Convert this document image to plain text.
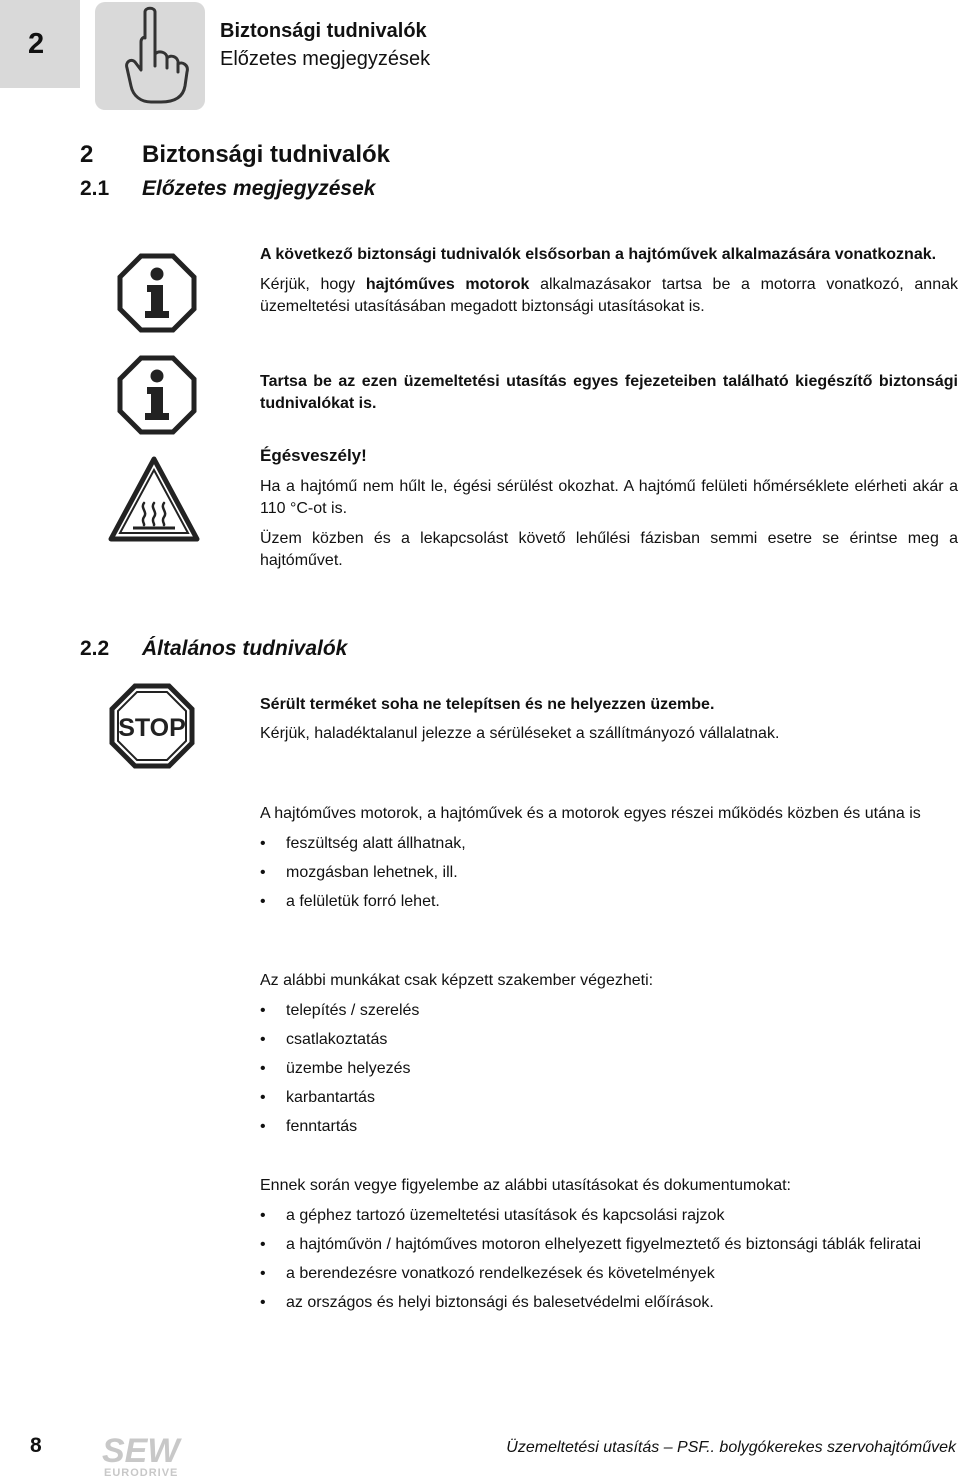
2	Biztonsági tudnivalók
Előzetes megjegyzések
2 Biztonsági tudnivalók
2.1 Előzetes megjegyzések

A következő biztonsági tudnivalók elsősorban a hajtóművek alkalmazására vonatkoznak.

Kérjük, hogy hajtóműves motorok alkalmazásakor tartsa be a motorra vonatkozó, annak üzemeltetési utasításában megadott biztonsági utasításokat is.

Tartsa be az ezen üzemeltetési utasítás egyes fejezeteiben található kiegészítő biztonsági tudnivalókat is.

Égésveszély!

Ha a hajtómű nem hűlt le, égési sérülést okozhat. A hajtómű felületi hőmérséklete elérheti akár a 110 °C-ot is.

Üzem közben és a lekapcsolást követő lehűlési fázisban semmi esetre se érintse meg a hajtóművet.

2.2 Általános tudnivalók
STOP

Sérült terméket soha ne telepítsen és ne helyezzen üzembe.

Kérjük, haladéktalanul jelezze a sérüléseket a szállítmányozó vállalatnak.

A hajtóműves motorok, a hajtóművek és a motorok egyes részei működés közben és utána is

• feszültség alatt állhatnak,
• mozgásban lehetnek, ill.
• a felületük forró lehet.

Az alábbi munkákat csak képzett szakember végezheti:

• telepítés / szerelés
• csatlakoztatás
• üzembe helyezés
• karbantartás
• fenntartás

Ennek során vegye figyelembe az alábbi utasításokat és dokumentumokat:

• a géphez tartozó üzemeltetési utasítások és kapcsolási rajzok
• a hajtóművön / hajtóműves motoron elhelyezett figyelmeztető és biztonsági táblák feliratai
• a berendezésre vonatkozó rendelkezések és követelmények
• az országos és helyi biztonsági és balesetvédelmi előírások.
8 SEW
EURODRIVE
Üzemeltetési utasítás – PSF.. bolygókerekes szervohajtóművek
